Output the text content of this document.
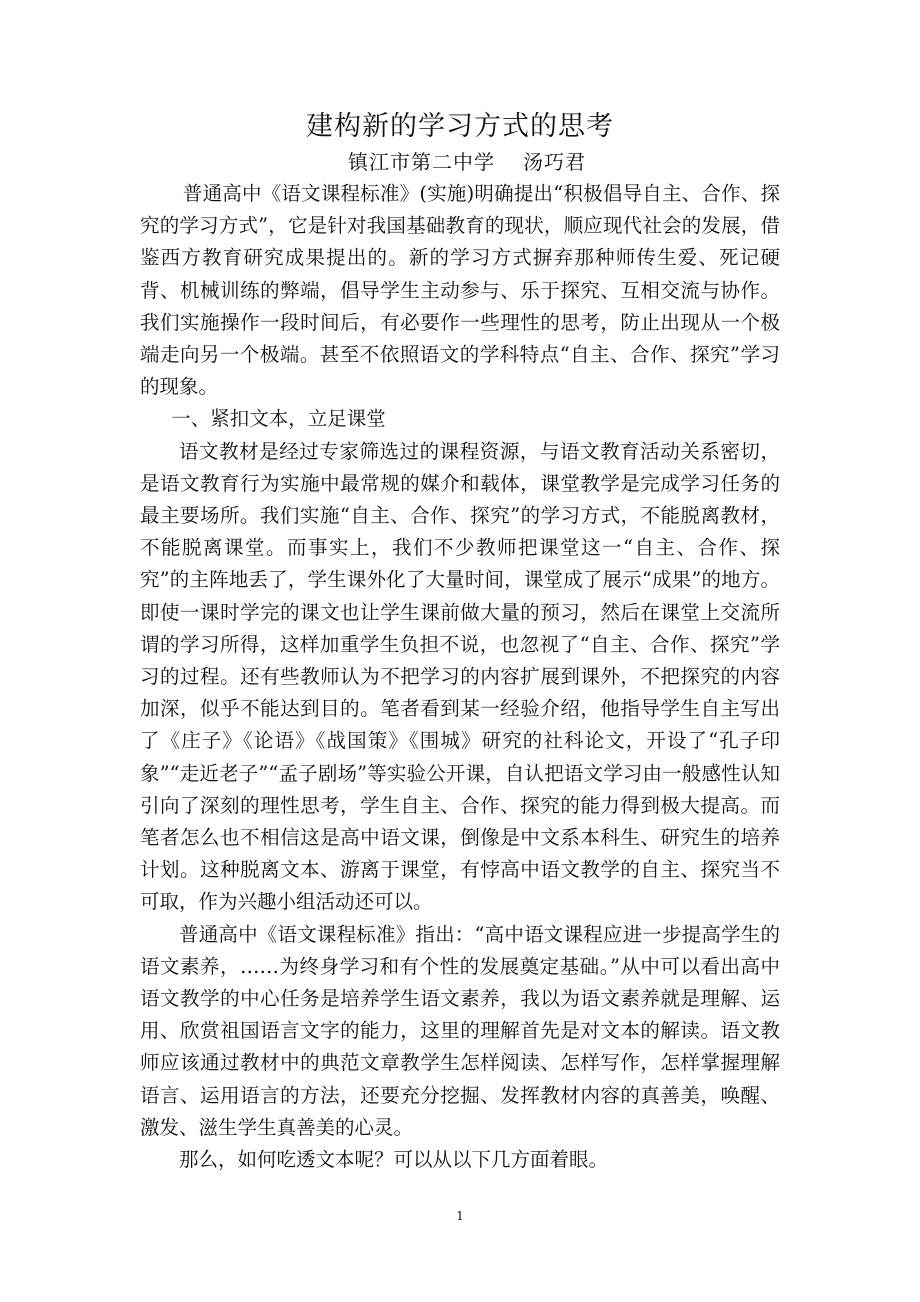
建构新的学习方式的思考

镇江市第二中学 汤巧君

普通高中《语文课程标准》(实施)明确提出“积极倡导自主、合作、探究的学习方式”，它是针对我国基础教育的现状，顺应现代社会的发展，借鉴西方教育研究成果提出的。新的学习方式摒弃那种师传生爱、死记硬背、机械训练的弊端，倡导学生主动参与、乐于探究、互相交流与协作。我们实施操作一段时间后，有必要作一些理性的思考，防止出现从一个极端走向另一个极端。甚至不依照语文的学科特点“自主、合作、探究”学习的现象。

一、紧扣文本，立足课堂

语文教材是经过专家筛选过的课程资源，与语文教育活动关系密切，是语文教育行为实施中最常规的媒介和载体，课堂教学是完成学习任务的最主要场所。我们实施“自主、合作、探究”的学习方式，不能脱离教材，不能脱离课堂。而事实上，我们不少教师把课堂这一“自主、合作、探究”的主阵地丢了，学生课外化了大量时间，课堂成了展示“成果”的地方。即使一课时学完的课文也让学生课前做大量的预习，然后在课堂上交流所谓的学习所得，这样加重学生负担不说，也忽视了“自主、合作、探究”学习的过程。还有些教师认为不把学习的内容扩展到课外，不把探究的内容加深，似乎不能达到目的。笔者看到某一经验介绍，他指导学生自主写出了《庄子》《论语》《战国策》《围城》研究的社科论文，开设了“孔子印象”“走近老子”“孟子剧场”等实验公开课，自认把语文学习由一般感性认知引向了深刻的理性思考，学生自主、合作、探究的能力得到极大提高。而笔者怎么也不相信这是高中语文课，倒像是中文系本科生、研究生的培养计划。这种脱离文本、游离于课堂，有悖高中语文教学的自主、探究当不可取，作为兴趣小组活动还可以。

普通高中《语文课程标准》指出：“高中语文课程应进一步提高学生的语文素养，……为终身学习和有个性的发展奠定基础。”从中可以看出高中语文教学的中心任务是培养学生语文素养，我以为语文素养就是理解、运用、欣赏祖国语言文字的能力，这里的理解首先是对文本的解读。语文教师应该通过教材中的典范文章教学生怎样阅读、怎样写作，怎样掌握理解语言、运用语言的方法，还要充分挖掘、发挥教材内容的真善美，唤醒、激发、滋生学生真善美的心灵。

那么，如何吃透文本呢？可以从以下几方面着眼。

1
